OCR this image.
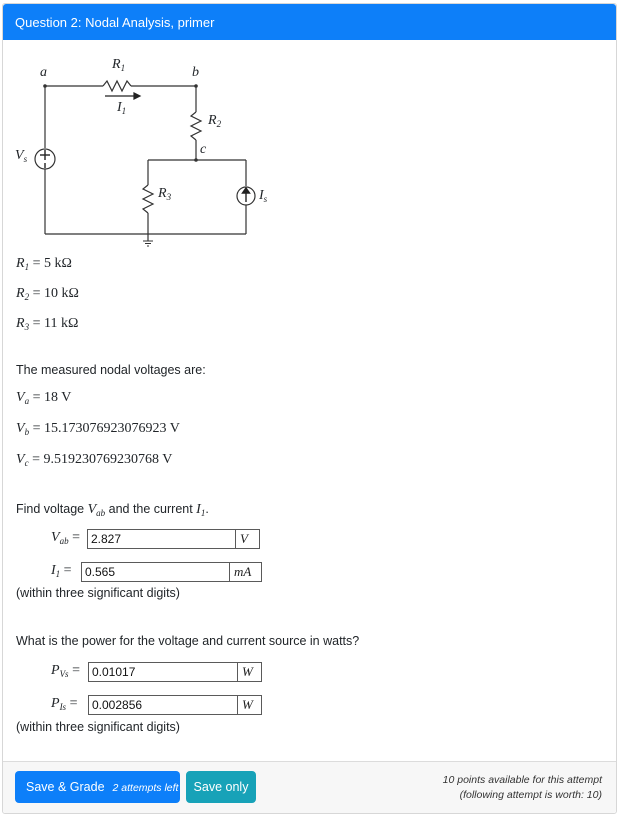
Question 2: Nodal Analysis, primer
a	b
c
$R_1$
$I_1$
$R_2$
$R_3$
$V_s$
$I_s$
$R_1 = 5$ kΩ
$R_2 = 10$ kΩ
$R_3 = 11$ kΩ
The measured nodal voltages are:
$V_a = 18$ V
$V_b = 15.173076923076923$ V
$V_c = 9.519230769230768$ V
Find voltage $V_{ab}$ and the current $I_1$.
$V_{ab} = 2.827$	V
$I_1$ =	0.565	mA
(within three significant digits)
What is the power for the voltage and current source in watts?
$P_{Vs}$ =	0.01017	W
$P_{Is}$ =	0.002856	W
(within three significant digits)
Save & Grade 2 attempts left	Save only	10 points available for this attempt
(following attempt is worth: 10)
